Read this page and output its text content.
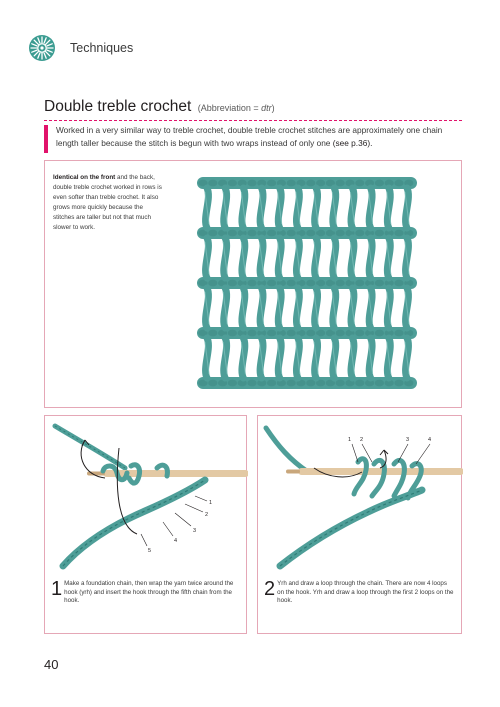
Techniques
Double treble crochet (Abbreviation = dtr)
Worked in a very similar way to treble crochet, double treble crochet stitches are approximately one chain length taller because the stitch is begun with two wraps instead of only one (see p.36).
Identical on the front and the back, double treble crochet worked in rows is even softer than treble crochet. It also grows more quickly because the stitches are taller but not that much slower to work.
1
2
3
4
5
1 Make a foundation chain, then wrap the yarn twice around the hook (yrh) and insert the hook through the fifth chain from the hook.
1 2	3	4
2 Yrh and draw a loop through the chain. There are now 4 loops on the hook. Yrh and draw a loop through the first 2 loops on the hook.
40
